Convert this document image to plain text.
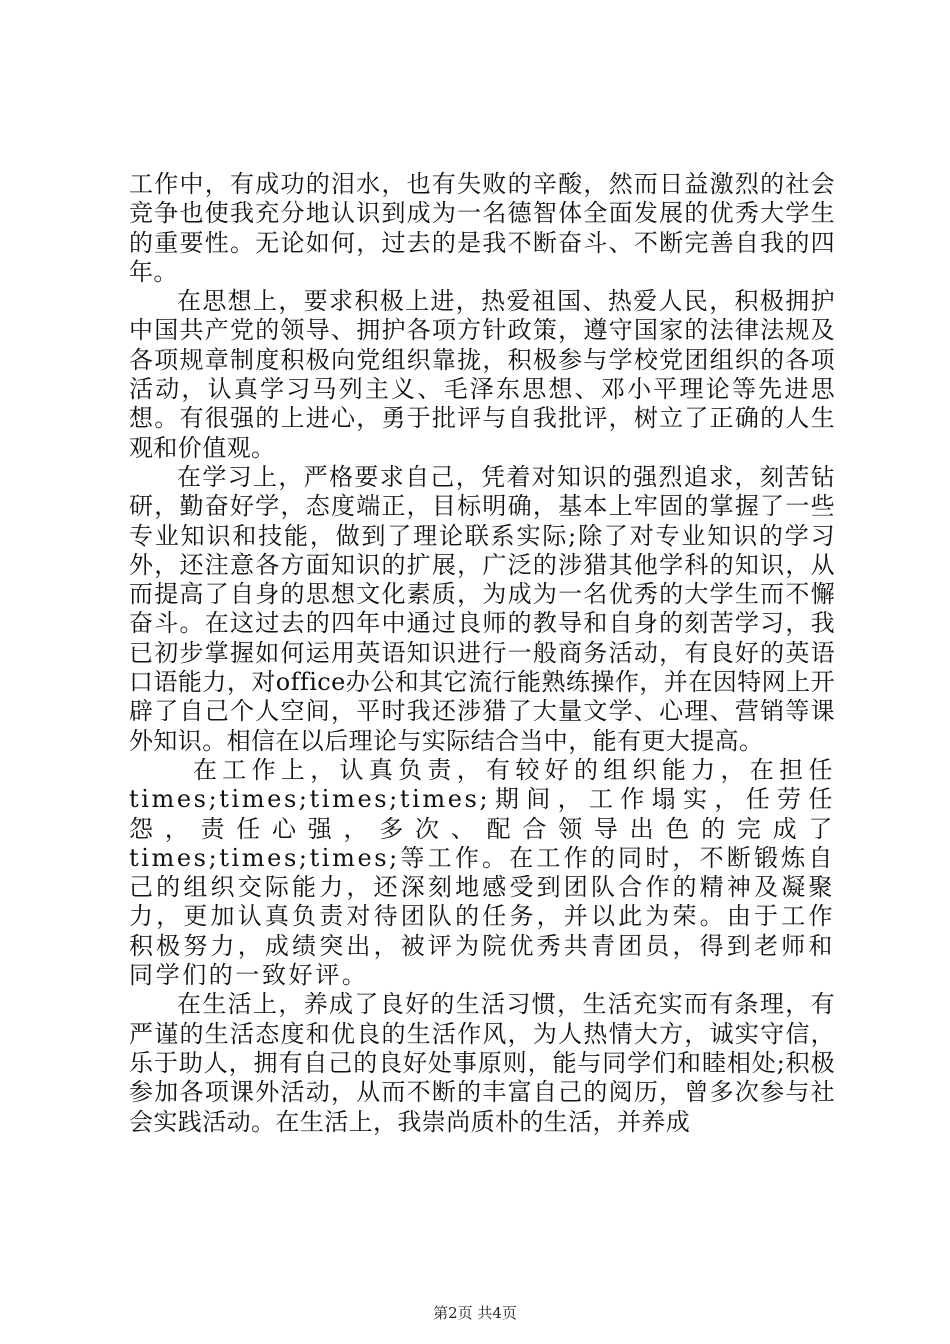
工作中，有成功的泪水，也有失败的辛酸，然而日益激烈的社会竞争也使我充分地认识到成为一名德智体全面发展的优秀大学生的重要性。无论如何，过去的是我不断奋斗、不断完善自我的四年。

在思想上，要求积极上进，热爱祖国、热爱人民，积极拥护中国共产党的领导、拥护各项方针政策，遵守国家的法律法规及各项规章制度积极向党组织靠拢，积极参与学校党团组织的各项活动，认真学习马列主义、毛泽东思想、邓小平理论等先进思想。有很强的上进心，勇于批评与自我批评，树立了正确的人生观和价值观。

在学习上，严格要求自己，凭着对知识的强烈追求，刻苦钻研，勤奋好学，态度端正，目标明确，基本上牢固的掌握了一些专业知识和技能，做到了理论联系实际;除了对专业知识的学习外，还注意各方面知识的扩展，广泛的涉猎其他学科的知识，从而提高了自身的思想文化素质，为成为一名优秀的大学生而不懈奋斗。在这过去的四年中通过良师的教导和自身的刻苦学习，我已初步掌握如何运用英语知识进行一般商务活动，有良好的英语口语能力，对office办公和其它流行能熟练操作，并在因特网上开辟了自己个人空间，平时我还涉猎了大量文学、心理、营销等课外知识。相信在以后理论与实际结合当中，能有更大提高。

在工作上，认真负责，有较好的组织能力，在担任times;times;times;times;期间，工作塌实，任劳任怨，责任心强，多次、配合领导出色的完成了 times;times;times;等工作。在工作的同时，不断锻炼自己的组织交际能力，还深刻地感受到团队合作的精神及凝聚力，更加认真负责对待团队的任务，并以此为荣。由于工作积极努力，成绩突出，被评为院优秀共青团员，得到老师和同学们的一致好评。

在生活上，养成了良好的生活习惯，生活充实而有条理，有严谨的生活态度和优良的生活作风，为人热情大方，诚实守信，乐于助人，拥有自己的良好处事原则，能与同学们和睦相处;积极参加各项课外活动，从而不断的丰富自己的阅历，曾多次参与社会实践活动。在生活上，我崇尚质朴的生活，并养成

第2页 共4页
